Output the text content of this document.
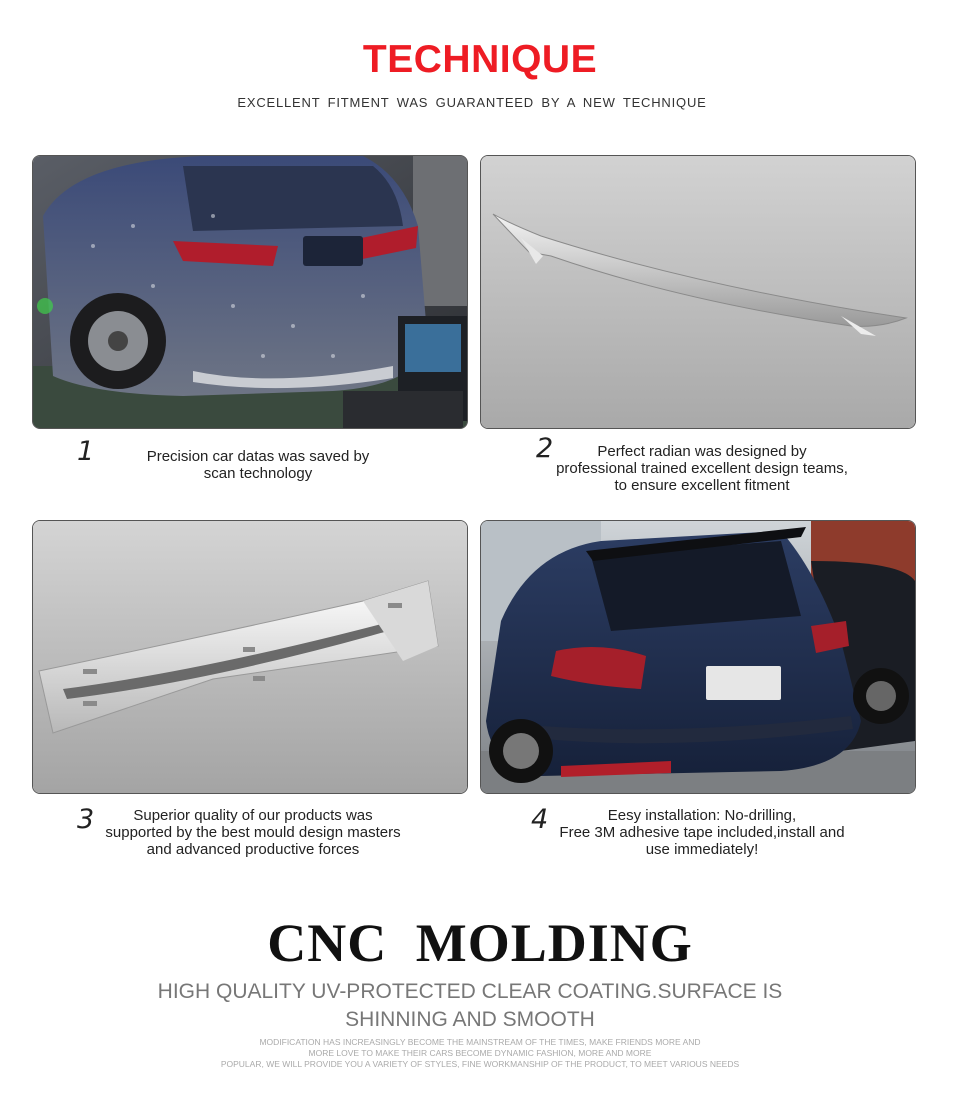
TECHNIQUE
EXCELLENT FITMENT WAS GUARANTEED BY A NEW TECHNIQUE
1	Precision car datas was saved by
scan technology
2	Perfect radian was designed by
professional trained excellent design teams,
to ensure excellent fitment
3	Superior quality of our products was
supported by the best mould design masters
and advanced productive forces
4	Eesy installation: No-drilling,
Free 3M adhesive tape included,install and
use immediately!
CNC MOLDING
HIGH QUALITY UV-PROTECTED CLEAR COATING.SURFACE IS
SHINNING AND SMOOTH
MODIFICATION HAS INCREASINGLY BECOME THE MAINSTREAM OF THE TIMES, MAKE FRIENDS MORE AND
MORE LOVE TO MAKE THEIR CARS BECOME DYNAMIC FASHION, MORE AND MORE
POPULAR, WE WILL PROVIDE YOU A VARIETY OF STYLES, FINE WORKMANSHIP OF THE PRODUCT, TO MEET VARIOUS NEEDS
